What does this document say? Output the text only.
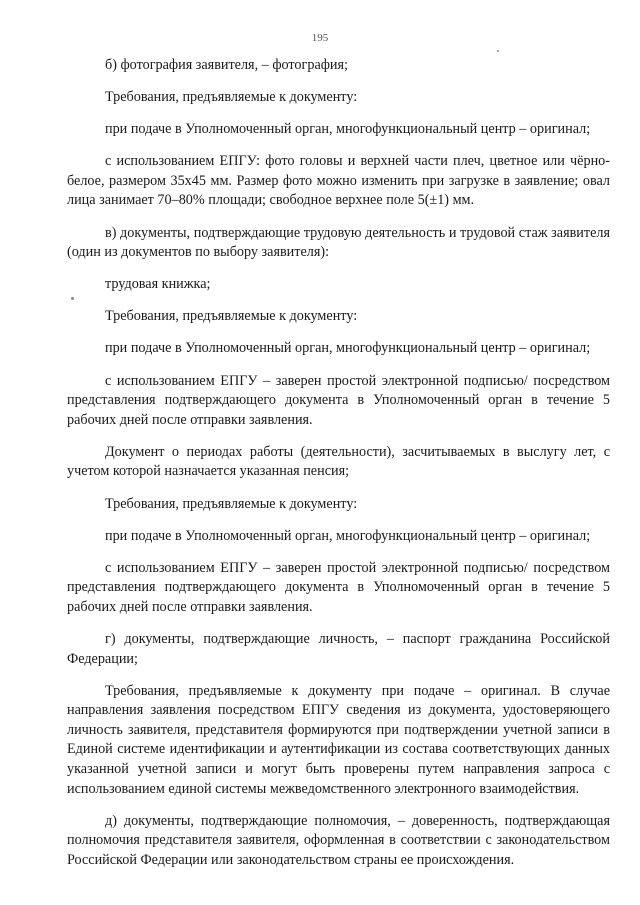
195

б) фотография заявителя, – фотография;

Требования, предъявляемые к документу:

при подаче в Уполномоченный орган, многофункциональный центр – оригинал;

с использованием ЕПГУ: фото головы и верхней части плеч, цветное или чёрно-белое, размером 35х45 мм. Размер фото можно изменить при загрузке в заявление; овал лица занимает 70–80% площади; свободное верхнее поле 5(±1) мм.

в) документы, подтверждающие трудовую деятельность и трудовой стаж заявителя (один из документов по выбору заявителя):

трудовая книжка;

Требования, предъявляемые к документу:

при подаче в Уполномоченный орган, многофункциональный центр – оригинал;

с использованием ЕПГУ – заверен простой электронной подписью/ посредством представления подтверждающего документа в Уполномоченный орган в течение 5 рабочих дней после отправки заявления.

Документ о периодах работы (деятельности), засчитываемых в выслугу лет, с учетом которой назначается указанная пенсия;

Требования, предъявляемые к документу:

при подаче в Уполномоченный орган, многофункциональный центр – оригинал;

с использованием ЕПГУ – заверен простой электронной подписью/ посредством представления подтверждающего документа в Уполномоченный орган в течение 5 рабочих дней после отправки заявления.

г) документы, подтверждающие личность, – паспорт гражданина Российской Федерации;

Требования, предъявляемые к документу при подаче – оригинал. В случае направления заявления посредством ЕПГУ сведения из документа, удостоверяющего личность заявителя, представителя формируются при подтверждении учетной записи в Единой системе идентификации и аутентификации из состава соответствующих данных указанной учетной записи и могут быть проверены путем направления запроса с использованием единой системы межведомственного электронного взаимодействия.

д) документы, подтверждающие полномочия, – доверенность, подтверждающая полномочия представителя заявителя, оформленная в соответствии с законодательством Российской Федерации или законодательством страны ее происхождения.
